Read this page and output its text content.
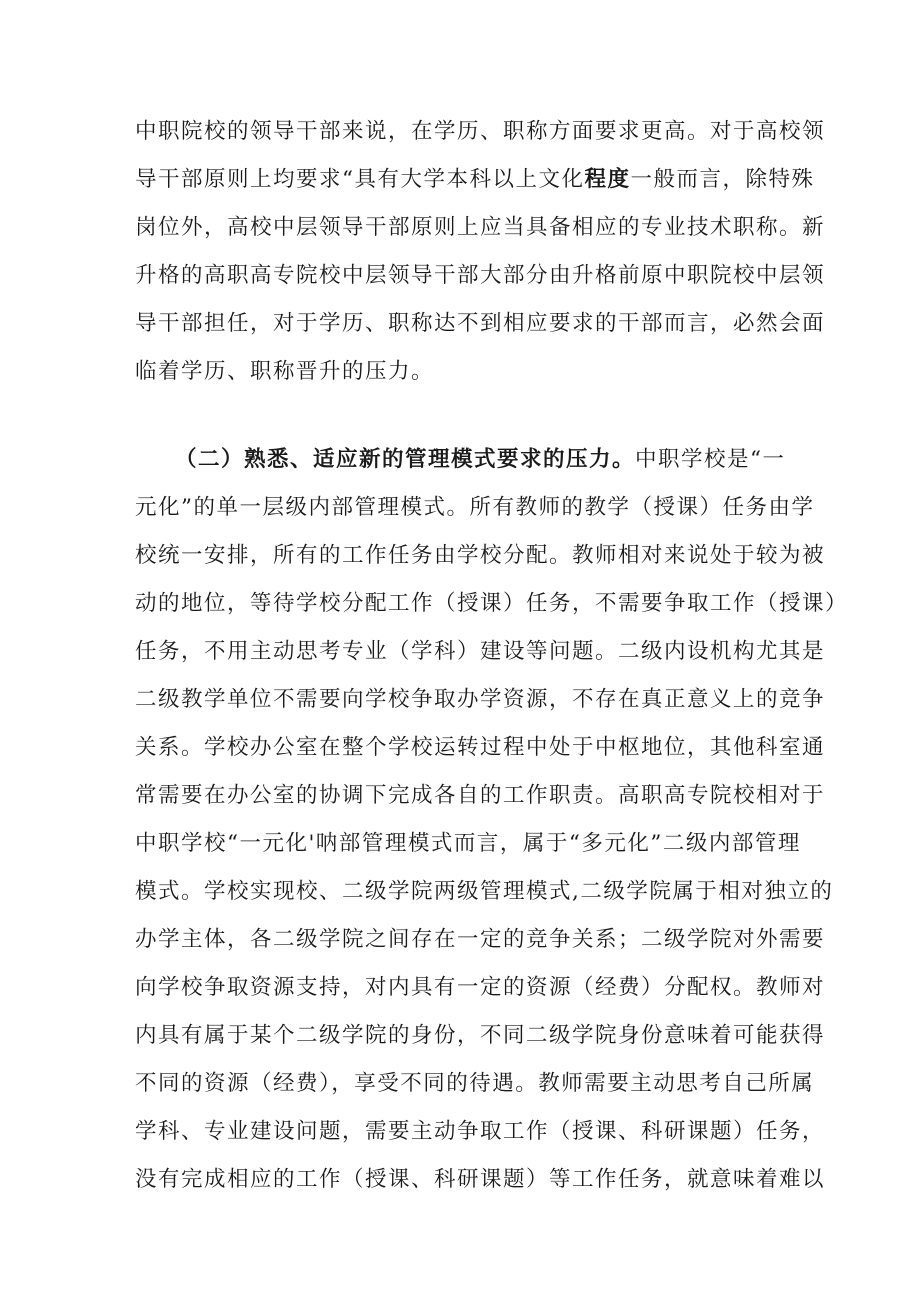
中职院校的领导干部来说，在学历、职称方面要求更高。对于高校领
导干部原则上均要求“具有大学本科以上文化程度一般而言，除特殊
岗位外，高校中层领导干部原则上应当具备相应的专业技术职称。新
升格的高职高专院校中层领导干部大部分由升格前原中职院校中层领
导干部担任，对于学历、职称达不到相应要求的干部而言，必然会面
临着学历、职称晋升的压力。
（二）熟悉、适应新的管理模式要求的压力。中职学校是“一
元化”的单一层级内部管理模式。所有教师的教学（授课）任务由学
校统一安排，所有的工作任务由学校分配。教师相对来说处于较为被
动的地位，等待学校分配工作（授课）任务，不需要争取工作（授课）
任务，不用主动思考专业（学科）建设等问题。二级内设机构尤其是
二级教学单位不需要向学校争取办学资源，不存在真正意义上的竞争
关系。学校办公室在整个学校运转过程中处于中枢地位，其他科室通
常需要在办公室的协调下完成各自的工作职责。高职高专院校相对于
中职学校“一元化'呐部管理模式而言，属于“多元化”二级内部管理
模式。学校实现校、二级学院两级管理模式,二级学院属于相对独立的
办学主体，各二级学院之间存在一定的竞争关系；二级学院对外需要
向学校争取资源支持，对内具有一定的资源（经费）分配权。教师对
内具有属于某个二级学院的身份，不同二级学院身份意味着可能获得
不同的资源（经费），享受不同的待遇。教师需要主动思考自己所属
学科、专业建设问题，需要主动争取工作（授课、科研课题）任务，
没有完成相应的工作（授课、科研课题）等工作任务，就意味着难以
